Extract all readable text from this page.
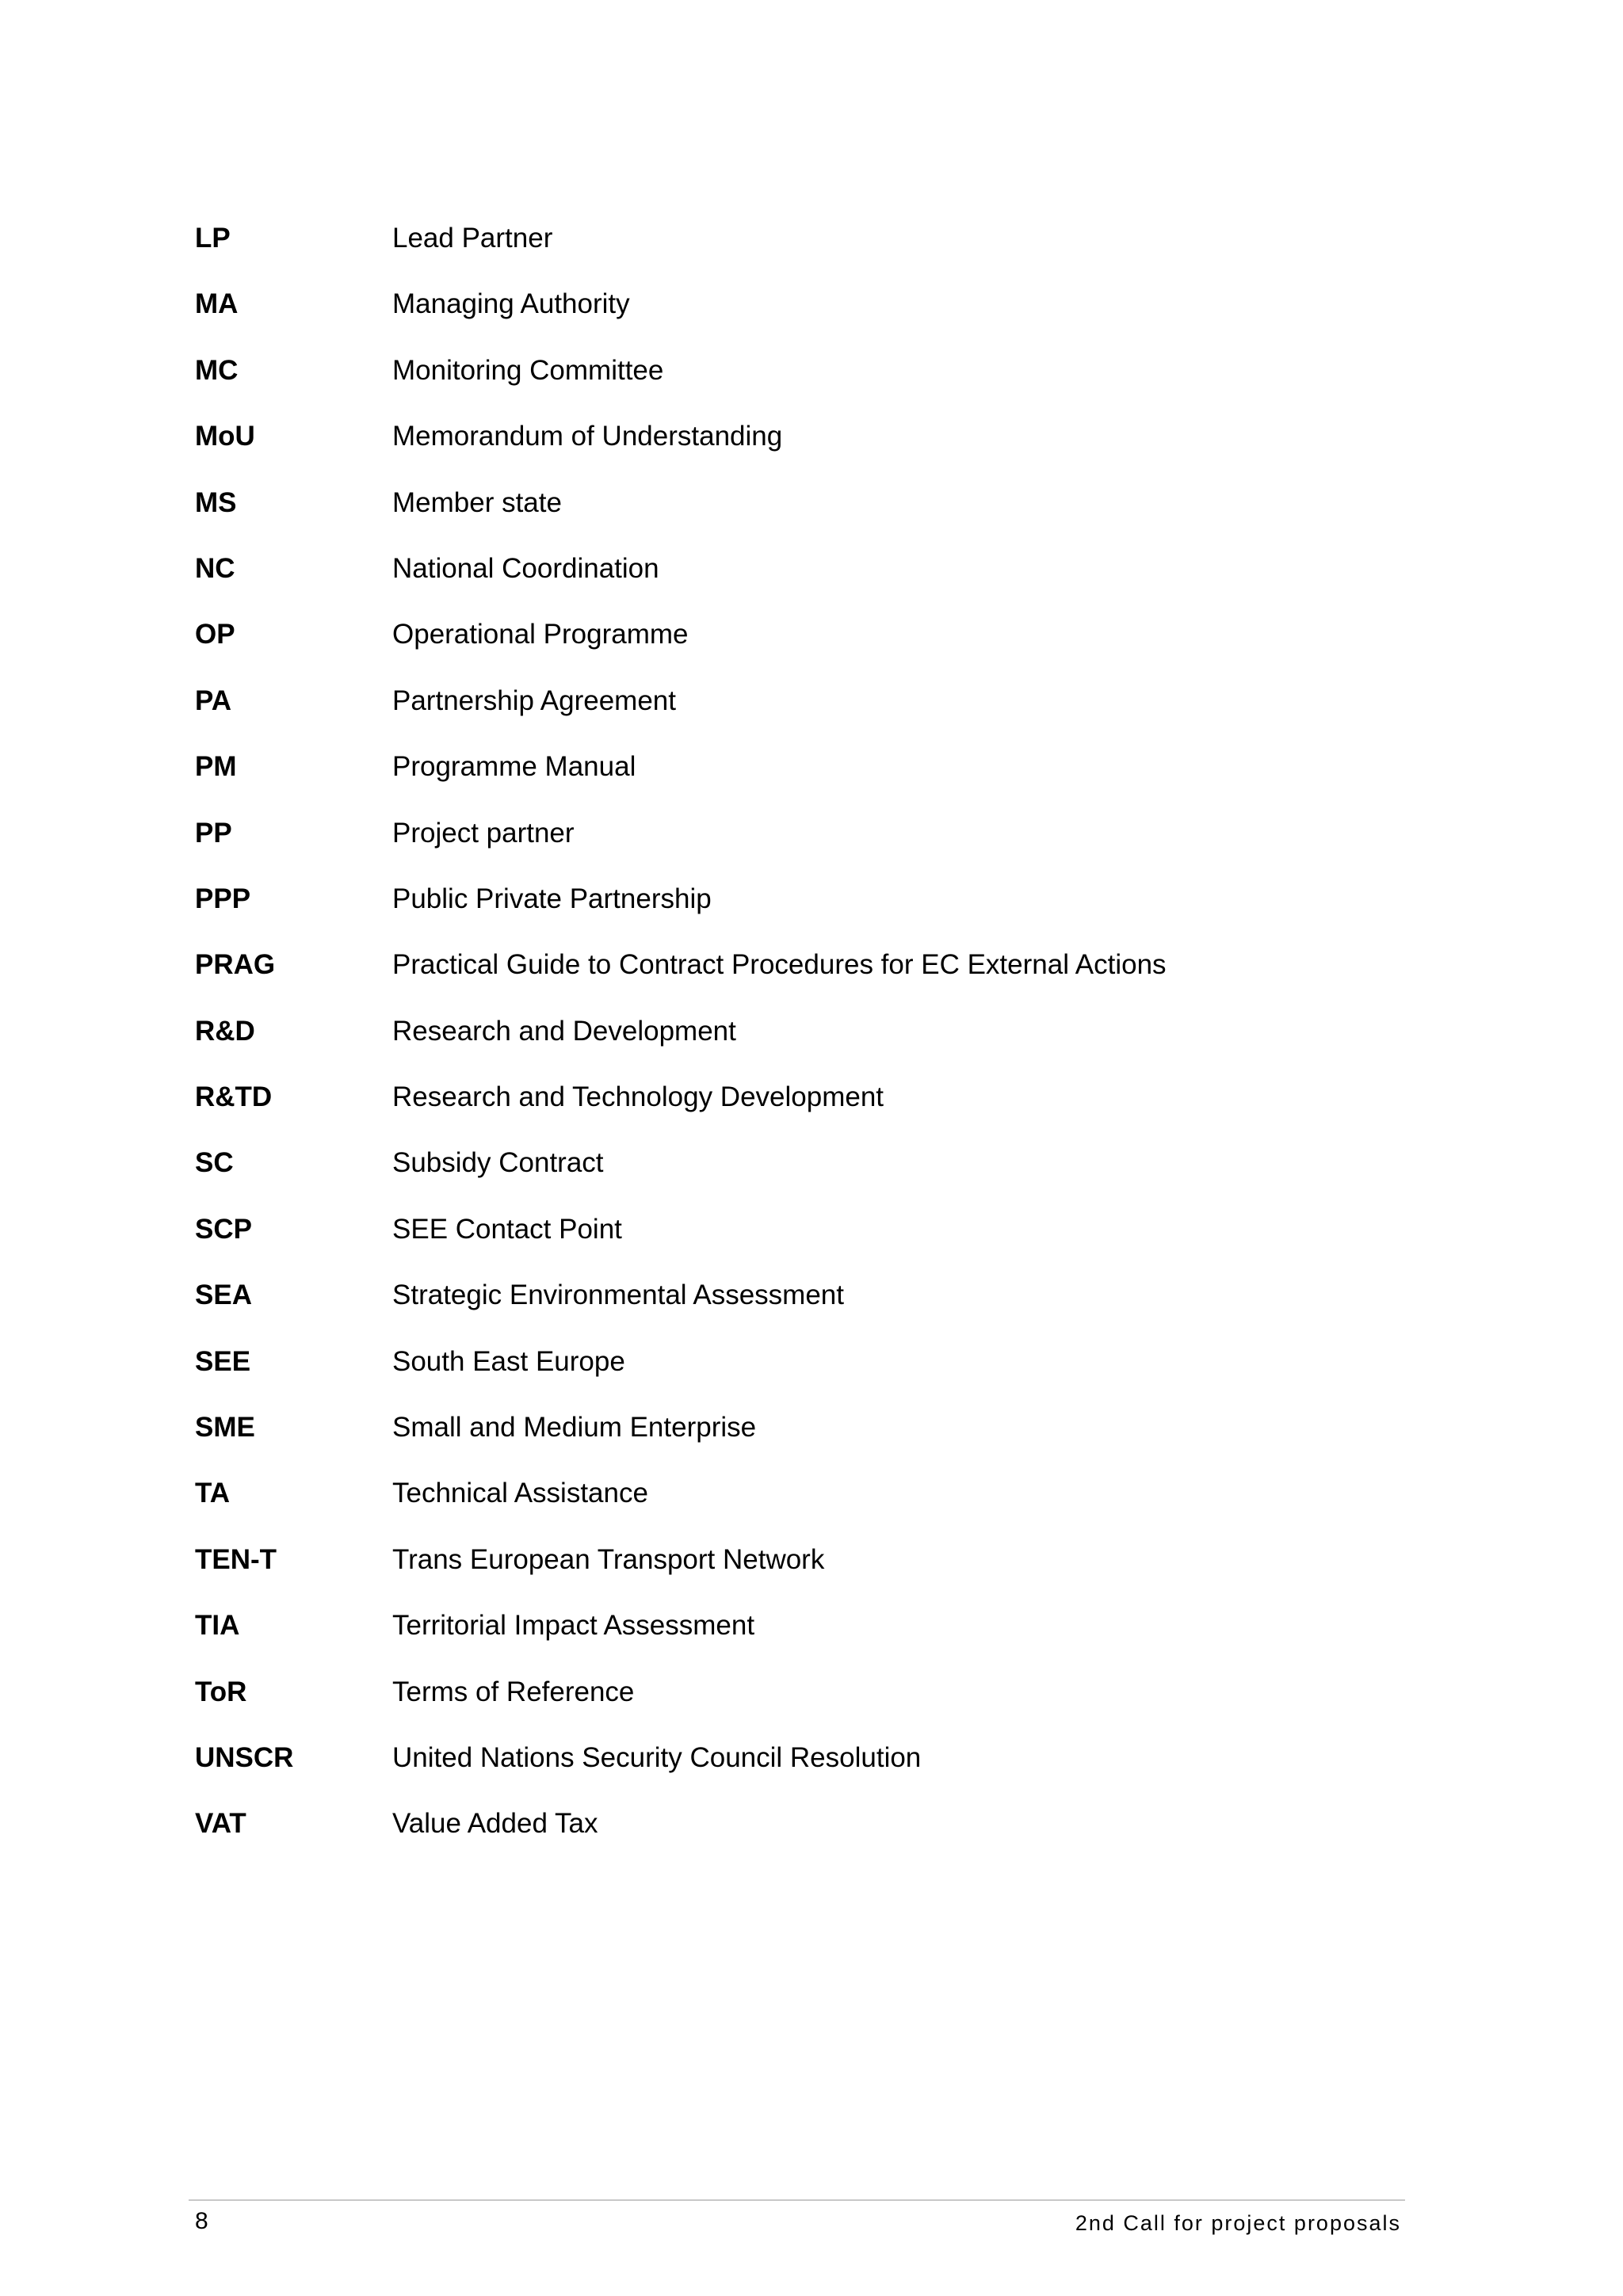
LP	Lead Partner
MA	Managing Authority
MC	Monitoring Committee
MoU	Memorandum of Understanding
MS	Member state
NC	National Coordination
OP	Operational Programme
PA	Partnership Agreement
PM	Programme Manual
PP	Project partner
PPP	Public Private Partnership
PRAG	Practical Guide to Contract Procedures for EC External Actions
R&D	Research and Development
R&TD	Research and Technology Development
SC	Subsidy Contract
SCP	SEE Contact Point
SEA	Strategic Environmental Assessment
SEE	South East Europe
SME	Small and Medium Enterprise
TA	Technical Assistance
TEN-T	Trans European Transport Network
TIA	Territorial Impact Assessment
ToR	Terms of Reference
UNSCR	United Nations Security Council Resolution
VAT	Value Added Tax
8	2nd Call for project proposals
